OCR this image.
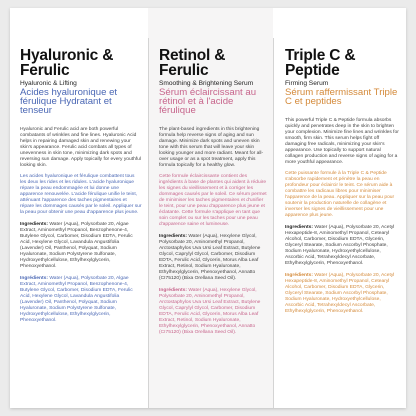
Hyaluronic & Ferulic
Hyaluronic & Lifting
Acides hyaluronique et férulique Hydratant et tenseur

Hyaluronic and Ferulic acid are both powerful combatants of wrinkles and fine lines. Hyaluronic Acid helps in repairing damaged skin and renewing your skin's appearance. Ferulic acid combats all types of unevenness in skin tone, minimizing dark spots and reversing sun damage. Apply topically for every youthful looking skin.

Les acides hyaluronique et férulique combattent tous les deux les rides et les ridules. L'acide hyaluronique répare la peau endommagée et lui donne une apparence renouvelée. L'acide férulique unifie le teint, atténuant l'apparence des taches pigmentaires et répare les dommages causés par le soleil. Appliquer sur la peau pour obtenir une peau d'apparence plus jeune.

Ingredients: Water (Aqua), Polysorbate 20, Algae Extract, Aminomethyl Propanol, Benzophenone-4, Butylene Glycol, Carbomer, Disodium EDTA, Ferulic Acid, Hexylene Glycol, Lavandula Angustifolia (Lavender) Oil, Panthenol, Polyquat, Sodium Hyaluronate, Sodium Polystyrene Sulfonate, Hydroxyethylcellulose, Ethylhexylglycerin, Phenoxyethanol.

Ingrédients: Water (Aqua), Polysorbate 20, Algae Extract, Aminomethyl Propanol, Benzophenone-4, Butylene Glycol, Carbomer, Disodium EDTA, Ferulic Acid, Hexylene Glycol, Lavandula Angustifolia (Lavender) Oil, Panthenol, Polyquat, Sodium Hyaluronate, Sodium Polystyrene Sulfonate, Hydroxyethylcellulose, Ethylhexylglycerin, Phenoxyethanol.

Retinol & Ferulic
Smoothing & Brightening Serum
Sérum éclaircissant au rétinol et à l'acide férulique

The plant-based ingredients in this brightening formula help reverse signs of aging and sun damage. Minimize dark spots and uneven skin tone with this serum that will leave your skin looking younger and more radiant. Meant for all-over usage or as a spot treatment, apply this formula topically for a healthy glow.

Cette formule éclaircissante contient des ingrédients à base de plantes qui aident à réduire les signes du vieillissement et à corriger les dommages causés par le soleil. Ce sérum permet de minimiser les taches pigmentaires et d'unifier le teint, pour une peau d'apparence plus jeune et éclatante. Cette formule s'applique en tant que soin complet ou sur les taches pour une peau d'apparence saine et lumineuse.

Ingredients: Water (Aqua), Hexylene Glycol, Polysorbate 20, Aminomethyl Propanol, Arctostaphylos Uva Ursi Leaf Extract, Butylene Glycol, Caprylyl Glycol, Carbomer, Disodium EDTA, Ferulic Acid, Glycerin, Morus Alba Leaf Extract, Retinol, Sodium Hyaluronate, Ethylhexylglycerin, Phenoxyethanol, Annatto (CI75120) (Bixa Orellana Seed Oil).

Ingrédients: Water (Aqua), Hexylene Glycol, Polysorbate 20, Aminomethyl Propanol, Arctostaphylos Uva Ursi Leaf Extract, Butylene Glycol, Caprylyl Glycol, Carbomer, Disodium EDTA, Ferulic Acid, Glycerin, Morus Alba Leaf Extract, Retinol, Sodium Hyaluronate, Ethylhexylglycerin, Phenoxyethanol, Annatto (CI75120) (Bixa Orellana Seed Oil).

Triple C & Peptide
Firming Serum
Sérum raffermissant Triple C et peptides

This powerful Triple C & Peptide formula absorbs quickly and penetrates deep in the skin to brighten your complexion. Minimize fine lines and wrinkles for smooth, firm skin. This serum helps fight off damaging free radicals, minimizing your skin's appearance. Use topically to support natural collagen production and reverse signs of aging for a more youthful appearance.

Cette puissante formule à la Triple C & Peptide s'absorbe rapidement et pénètre la peau en profondeur pour éclaircir le teint. Ce sérum aide à combattre les radicaux libres pour minimiser l'apparence de la peau. Appliquer sur la peau pour soutenir la production naturelle de collagène et inverser les signes de vieillissement pour une apparence plus jeune.

Ingredients: Water (Aqua), Polysorbate 20, Acetyl Hexapeptide-8, Aminomethyl Propanol, Cetearyl Alcohol, Carbomer, Disodium EDTA, Glycerin, Glyceryl Stearate, Sodium Ascorbyl Phosphate, Sodium Hyaluronate, Hydroxyethylcellulose, Ascorbic Acid, Tetrahexyldecyl Ascorbate, Ethylhexylglycerin, Phenoxyethanol.

Ingrédients: Water (Aqua), Polysorbate 20, Acetyl Hexapeptide-8, Aminomethyl Propanol, Cetearyl Alcohol, Carbomer, Disodium EDTA, Glycerin, Glyceryl Stearate, Sodium Ascorbyl Phosphate, Sodium Hyaluronate, Hydroxyethylcellulose, Ascorbic Acid, Tetrahexyldecyl Ascorbate, Ethylhexylglycerin, Phenoxyethanol.
